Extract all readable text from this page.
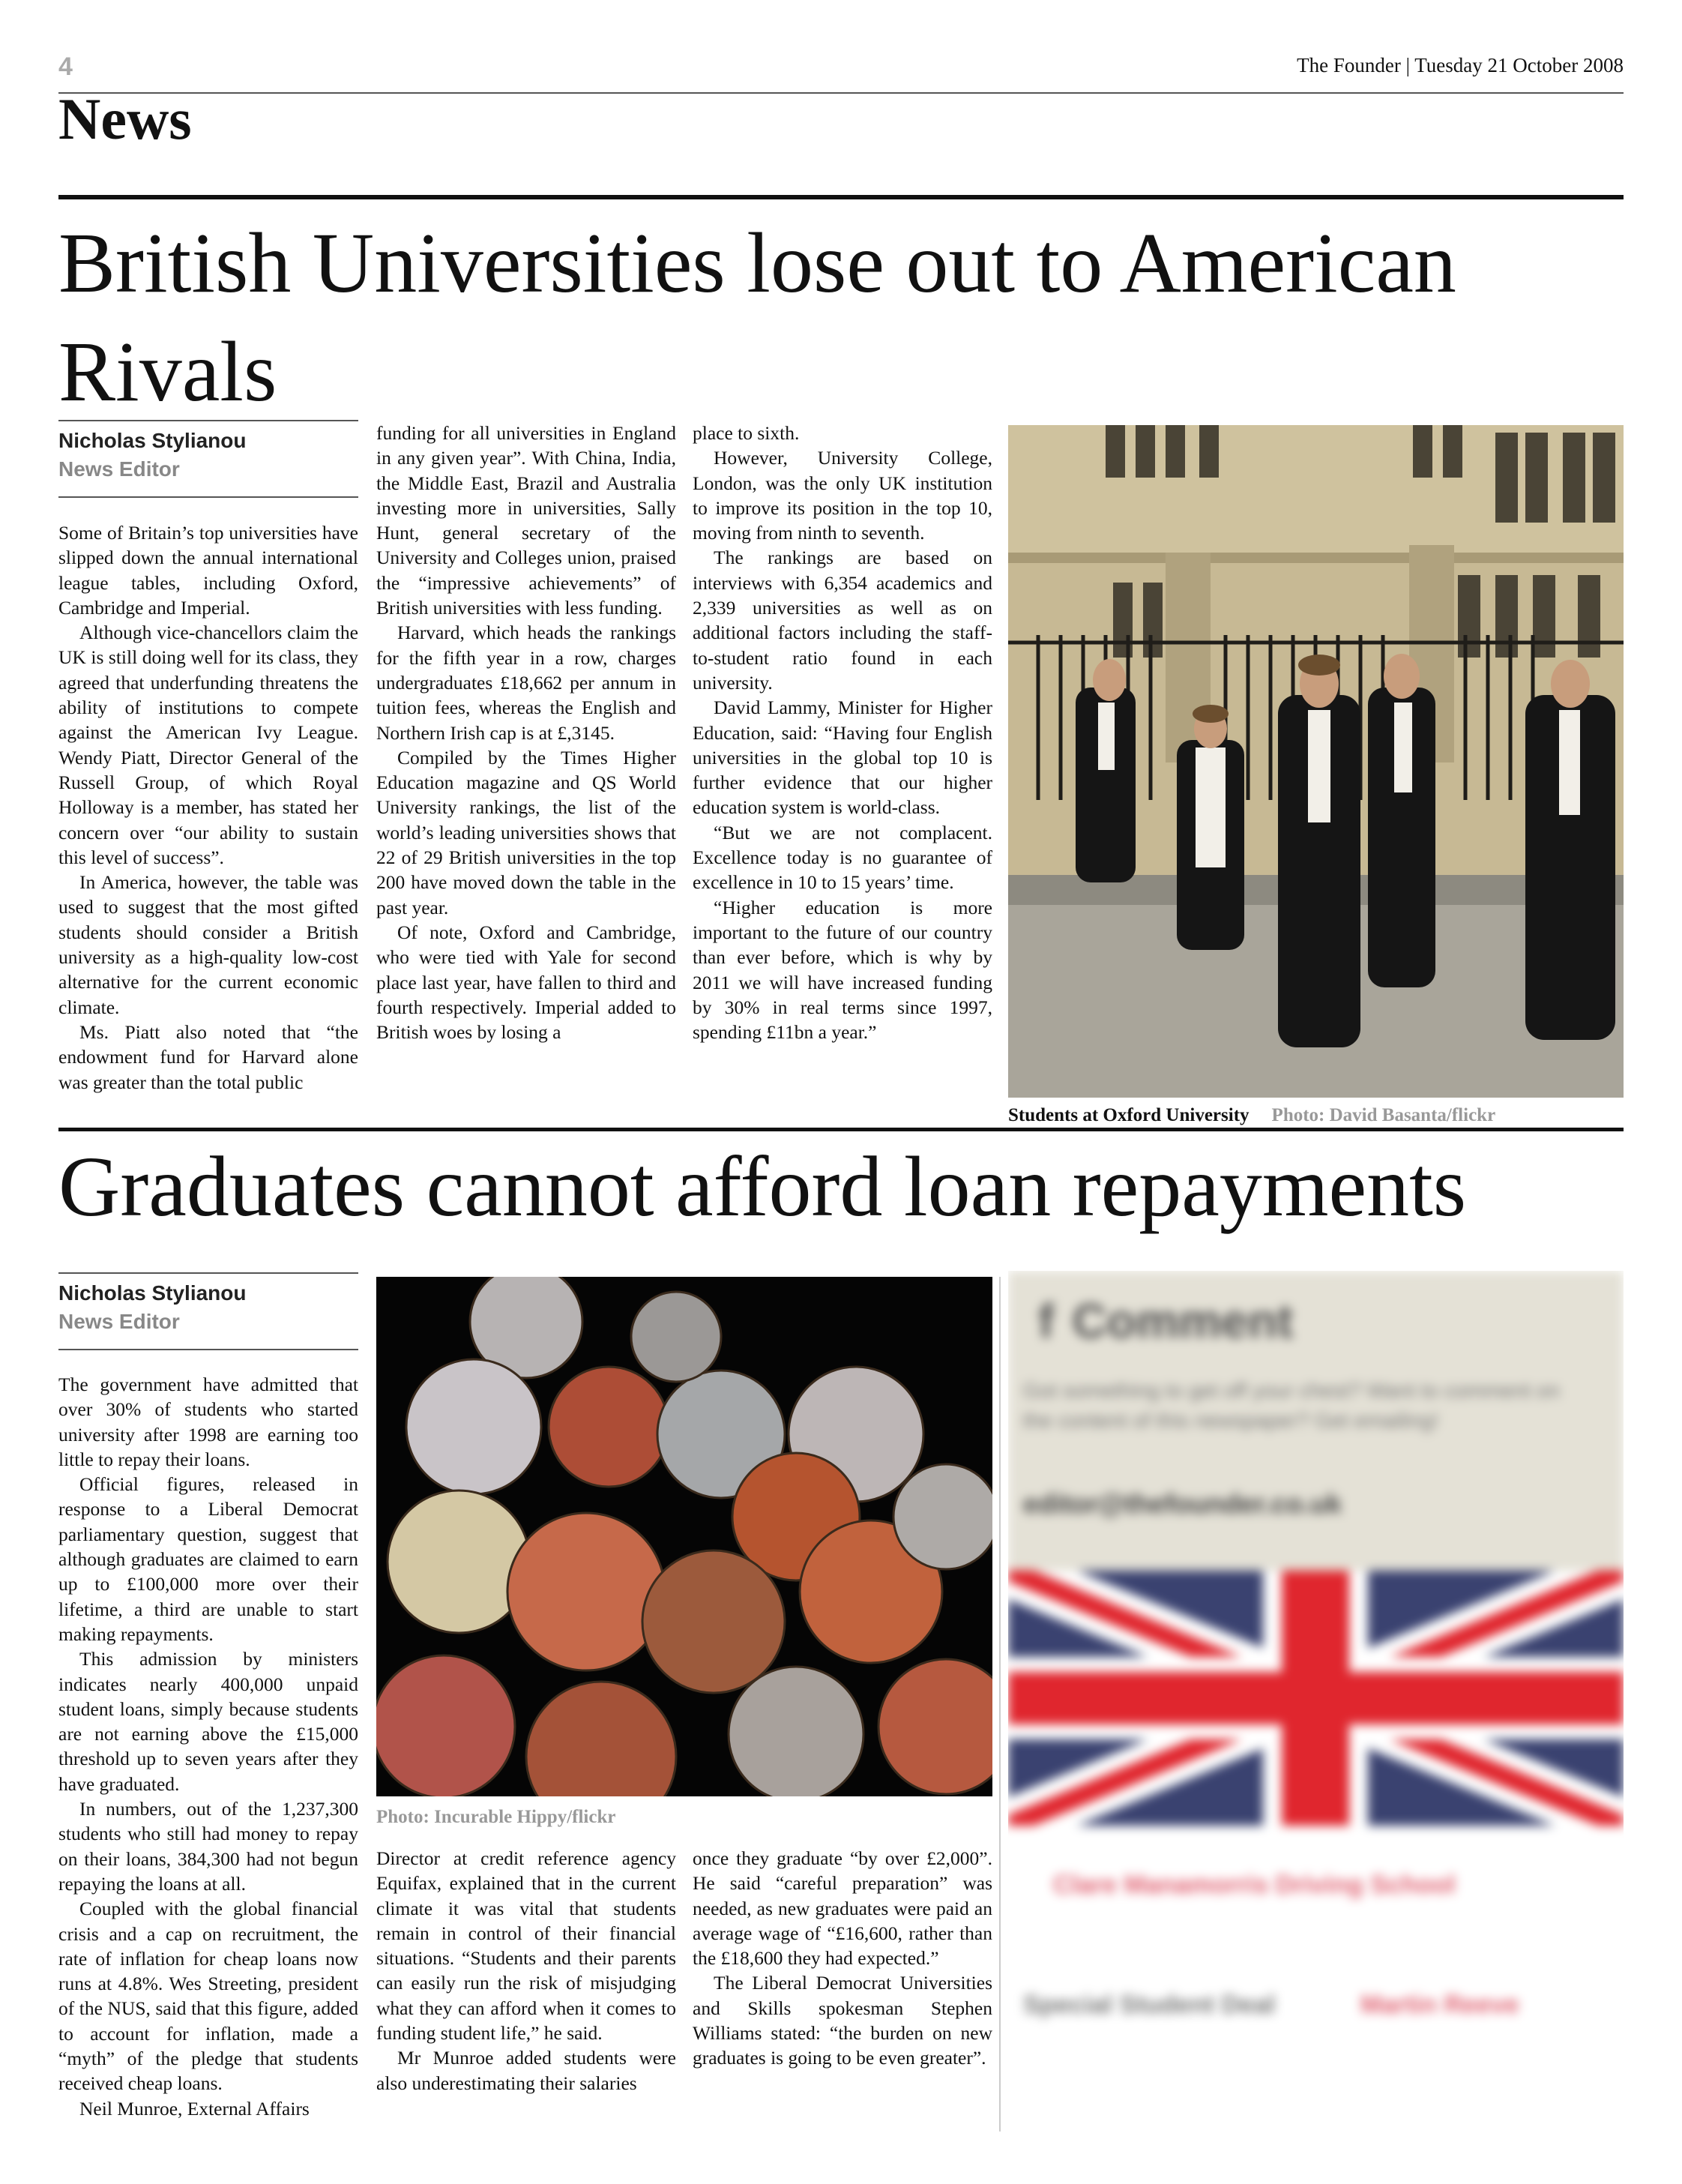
4	The Founder | Tuesday 21 October 2008
News
British Universities lose out to American Rivals
Nicholas Stylianou
News Editor

Some of Britain’s top universities have slipped down the annual international league tables, including Oxford, Cambridge and Imperial.

Although vice-chancellors claim the UK is still doing well for its class, they agreed that underfunding threatens the ability of institutions to compete against the American Ivy League. Wendy Piatt, Director General of the Russell Group, of which Royal Holloway is a member, has stated her concern over “our ability to sustain this level of success”.

In America, however, the table was used to suggest that the most gifted students should consider a British university as a high-quality low-cost alternative for the current economic climate.

Ms. Piatt also noted that “the endowment fund for Harvard alone was greater than the total public

funding for all universities in England in any given year”. With China, India, the Middle East, Brazil and Australia investing more in universities, Sally Hunt, general secretary of the University and Colleges union, praised the “impressive achievements” of British universities with less funding.

Harvard, which heads the rankings for the fifth year in a row, charges undergraduates £18,662 per annum in tuition fees, whereas the English and Northern Irish cap is at £,3145.

Compiled by the Times Higher Education magazine and QS World University rankings, the list of the world’s leading universities shows that 22 of 29 British universities in the top 200 have moved down the table in the past year.

Of note, Oxford and Cambridge, who were tied with Yale for second place last year, have fallen to third and fourth respectively. Imperial added to British woes by losing a

place to sixth.

However, University College, London, was the only UK institution to improve its position in the top 10, moving from ninth to seventh.

The rankings are based on interviews with 6,354 academics and 2,339 universities as well as on additional factors including the staff-to-student ratio found in each university.

David Lammy, Minister for Higher Education, said: “Having four English universities in the global top 10 is further evidence that our higher education system is world-class.

“But we are not complacent. Excellence today is no guarantee of excellence in 10 to 15 years’ time.

“Higher education is more important to the future of our country than ever before, which is why by 2011 we will have increased funding by 30% in real terms since 1997, spending £11bn a year.”

Students at Oxford University Photo: David Basanta/flickr
Graduates cannot afford loan repayments
Nicholas Stylianou
News Editor

The government have admitted that over 30% of students who started university after 1998 are earning too little to repay their loans.

Official figures, released in response to a Liberal Democrat parliamentary question, suggest that although graduates are claimed to earn up to £100,000 more over their lifetime, a third are unable to start making repayments.

This admission by ministers indicates nearly 400,000 unpaid student loans, simply because students are not earning above the £15,000 threshold up to seven years after they have graduated.

In numbers, out of the 1,237,300 students who still had money to repay on their loans, 384,300 had not begun repaying the loans at all.

Coupled with the global financial crisis and a cap on recruitment, the rate of inflation for cheap loans now runs at 4.8%. Wes Streeting, president of the NUS, said that this figure, added to account for inflation, made a “myth” of the pledge that students received cheap loans.

Neil Munroe, External Affairs

Director at credit reference agency Equifax, explained that in the current climate it was vital that students remain in control of their financial situations. “Students and their parents can easily run the risk of misjudging what they can afford when it comes to funding student life,” he said.

Mr Munroe added students were also underestimating their salaries

once they graduate “by over £2,000”. He said “careful preparation” was needed, as new graduates were paid an average wage of “£16,600, rather than the £18,600 they had expected.”

The Liberal Democrat Universities and Skills spokesman Stephen Williams stated: “the burden on new graduates is going to be even greater”.

Photo: Incurable Hippy/flickr
f Comment
Got something to get off your chest? Want to comment on the content of this newspaper? Get emailing!
editor@thefounder.co.uk
Clare Manamorris Driving School
Special Student Deal	Martin Reeve
